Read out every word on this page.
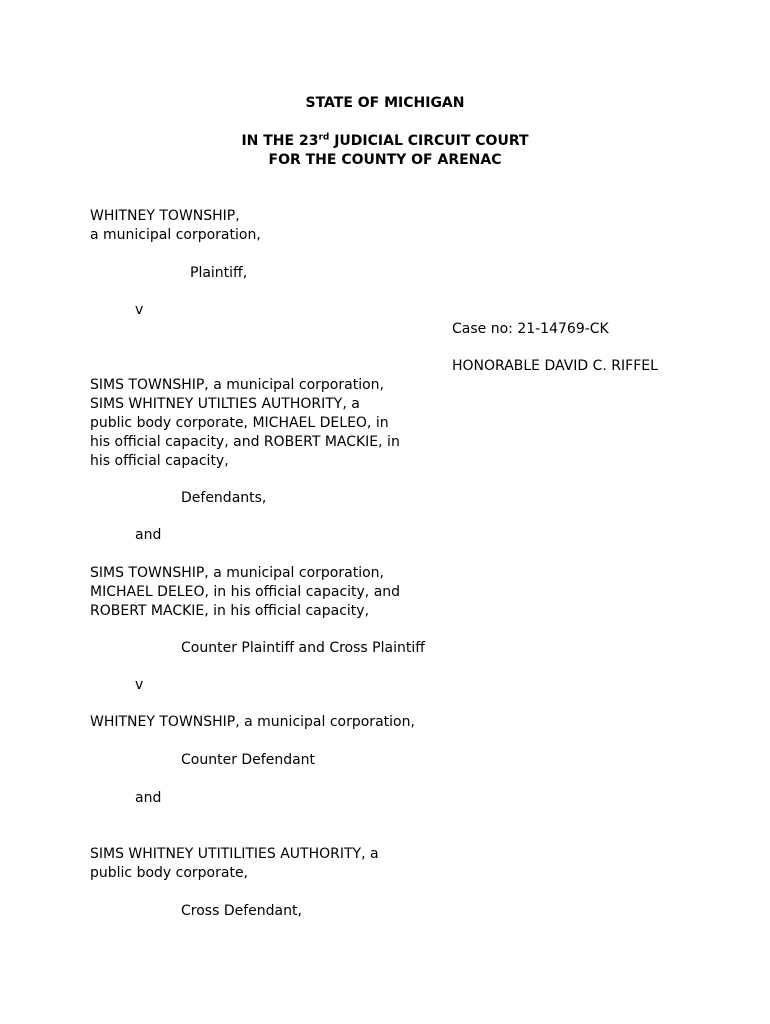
STATE OF MICHIGAN
IN THE 23rd JUDICIAL CIRCUIT COURT
FOR THE COUNTY OF ARENAC
WHITNEY TOWNSHIP,
a municipal corporation,
Plaintiff,
v
Case no: 21-14769-CK
HONORABLE DAVID C. RIFFEL
SIMS TOWNSHIP, a municipal corporation,
SIMS WHITNEY UTILTIES AUTHORITY, a
public body corporate, MICHAEL DELEO, in
his official capacity, and ROBERT MACKIE, in
his official capacity,
Defendants,
and
SIMS TOWNSHIP, a municipal corporation,
MICHAEL DELEO, in his official capacity, and
ROBERT MACKIE, in his official capacity,
Counter Plaintiff and Cross Plaintiff
v
WHITNEY TOWNSHIP, a municipal corporation,
Counter Defendant
and
SIMS WHITNEY UTITILITIES AUTHORITY, a
public body corporate,
Cross Defendant,
